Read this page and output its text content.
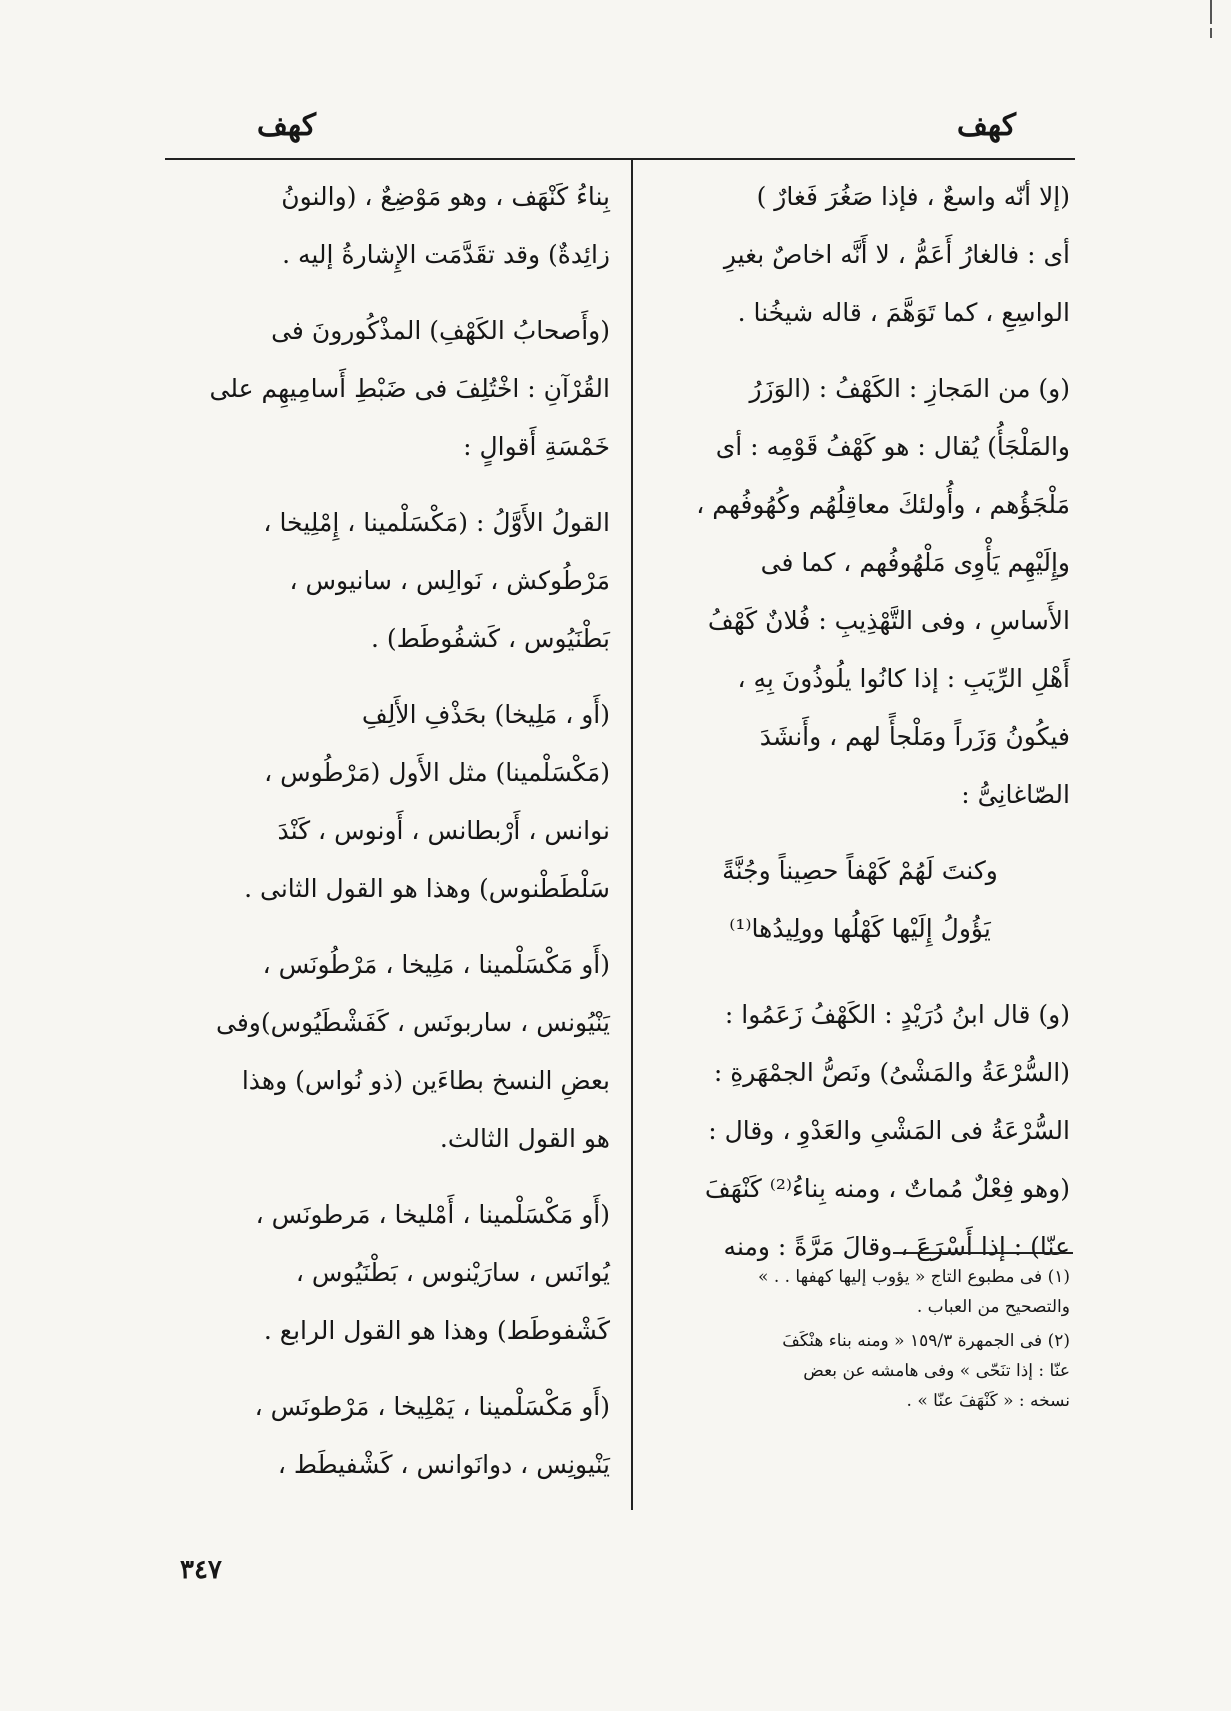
كهف
كهف

(إلا أنّه واسعٌ ، فإذا صَغُرَ فَغارٌ )
أى : فالغارُ أَعَمُّ ، لا أَنَّه اخاصٌ بغيرِ
الواسِعِ ، كما تَوَهَّمَ ، قاله شيخُنا .

(و) من المَجازِ : الكَهْفُ : (الوَزَرُ
والمَلْجَأُ) يُقال : هو كَهْفُ قَوْمِه : أى
مَلْجَؤُهم ، وأُولئكَ معاقِلُهُم وكُهُوفُهم ،
وإِلَيْهِم يَأْوِى مَلْهُوفُهم ، كما فى
الأَساسِ ، وفى التَّهْذِيبِ : فُلانٌ كَهْفُ
أَهْلِ الرِّيَبِ : إذا كانُوا يلُوذُونَ بِهِ ،
فيكُونُ وَزَراً ومَلْجأً لهم ، وأَنشَدَ
الصّاغانِىُّ :

وكنتَ لَهُمْ كَهْفاً حصِيناً وجُنَّةً
يَؤُولُ إِلَيْها كَهْلُها وولِيدُها⁽¹⁾

(و) قال ابنُ دُرَيْدٍ : الكَهْفُ زَعَمُوا :
(السُّرْعَةُ والمَشْىُ) ونَصُّ الجمْهَرةِ :
السُّرْعَةُ فى المَشْىِ والعَدْوِ ، وقال :
(وهو فِعْلٌ مُماتٌ ، ومنه بِناءُ⁽²⁾ كَنْهَفَ
عنّا) : إذا أَسْرَعَ ، وقالَ مَرَّةً : ومنه

بِناءُ كَنْهَف ، وهو مَوْضِعٌ ، (والنونُ
زائِدةٌ) وقد تقَدَّمَت الإِشارةُ إليه .

(وأَصحابُ الكَهْفِ) المذْكُورونَ فى
القُرْآنِ : اخْتُلِفَ فى ضَبْطِ أَسامِيهِم على
خَمْسَةِ أَقوالٍ :

القولُ الأَوَّلُ : (مَكْسَلْمينا ، إِمْلِيخا ،
مَرْطُوكش ، نَوالِس ، سانيوس ،
بَطْنَيُوس ، كَشفُوطَط) .

(أَو ، مَلِيخا) بحَذْفِ الأَلِفِ
(مَكْسَلْمينا) مثل الأَول (مَرْطُوس ،
نوانس ، أَرْبطانس ، أَونوس ، كَنْدَ
سَلْطَطْنوس) وهذا هو القول الثانى .

(أَو مَكْسَلْمينا ، مَلِيخا ، مَرْطُونَس ،
يَنْيُونس ، ساربونَس ، كَفَشْطَيُوس)وفى
بعضِ النسخ بطاءَين (ذو نُواس) وهذا
هو القول الثالث.

(أَو مَكْسَلْمينا ، أَمْليخا ، مَرطونَس ،
يُوانَس ، سارَيْنوس ، بَطْنَيُوس ،
كَشْفوطَط) وهذا هو القول الرابع .

(أَو مَكْسَلْمينا ، يَمْلِيخا ، مَرْطونَس ،
يَنْيونِس ، دوانَوانس ، كَشْفيطَط ،

(١) فى مطبوع التاج « يؤوب إليها كهفها . . »
والتصحيح من العباب .

(٢) فى الجمهرة ١٥٩/٣ « ومنه بناء هنْكَفَ
عنّا : إذا تنَحّى » وفى هامشه عن بعض
نسخه : « كَنْهَفَ عنّا » .

٣٤٧
